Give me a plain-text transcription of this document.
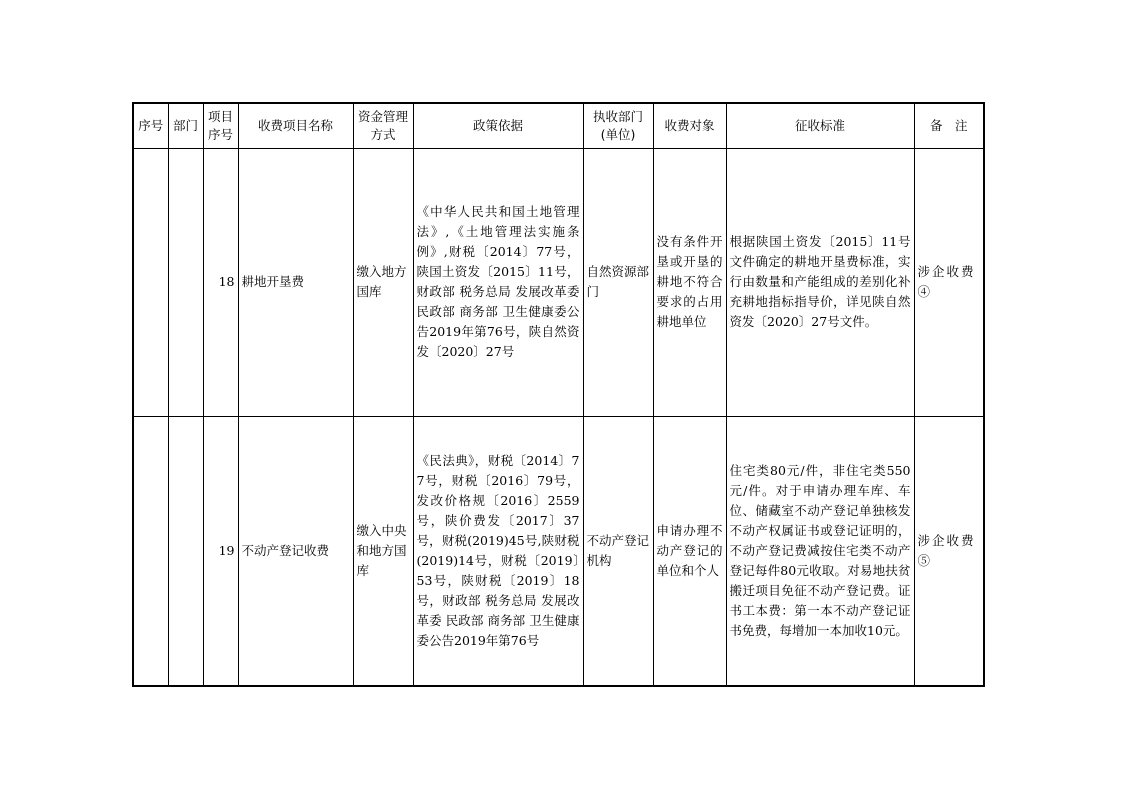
序号	部门	项目序号	收费项目名称	资金管理方式	政策依据	执收部门(单位)	收费对象	征收标准	备　注
		18	耕地开垦费	缴入地方国库	《中华人民共和国土地管理法》,《土地管理法实施条例》,财税〔2014〕77号，陕国土资发〔2015〕11号，财政部 税务总局 发展改革委 民政部 商务部 卫生健康委公告2019年第76号，陕自然资发〔2020〕27号	自然资源部门	没有条件开垦或开垦的耕地不符合要求的占用耕地单位	根据陕国土资发〔2015〕11号文件确定的耕地开垦费标准，实行由数量和产能组成的差别化补充耕地指标指导价，详见陕自然资发〔2020〕27号文件。	涉企收费④
		19	不动产登记收费	缴入中央和地方国库	《民法典》，财税〔2014〕77号，财税〔2016〕79号，发改价格规〔2016〕2559号，陕价费发〔2017〕37号，财税(2019)45号,陕财税(2019)14号，财税〔2019〕53号，陕财税〔2019〕18号，财政部 税务总局 发展改革委 民政部 商务部 卫生健康委公告2019年第76号	不动产登记机构	申请办理不动产登记的单位和个人	住宅类80元/件，非住宅类550元/件。对于申请办理车库、车位、储藏室不动产登记单独核发不动产权属证书或登记证明的，不动产登记费减按住宅类不动产登记每件80元收取。对易地扶贫搬迁项目免征不动产登记费。证书工本费：第一本不动产登记证书免费，每增加一本加收10元。	涉企收费⑤
